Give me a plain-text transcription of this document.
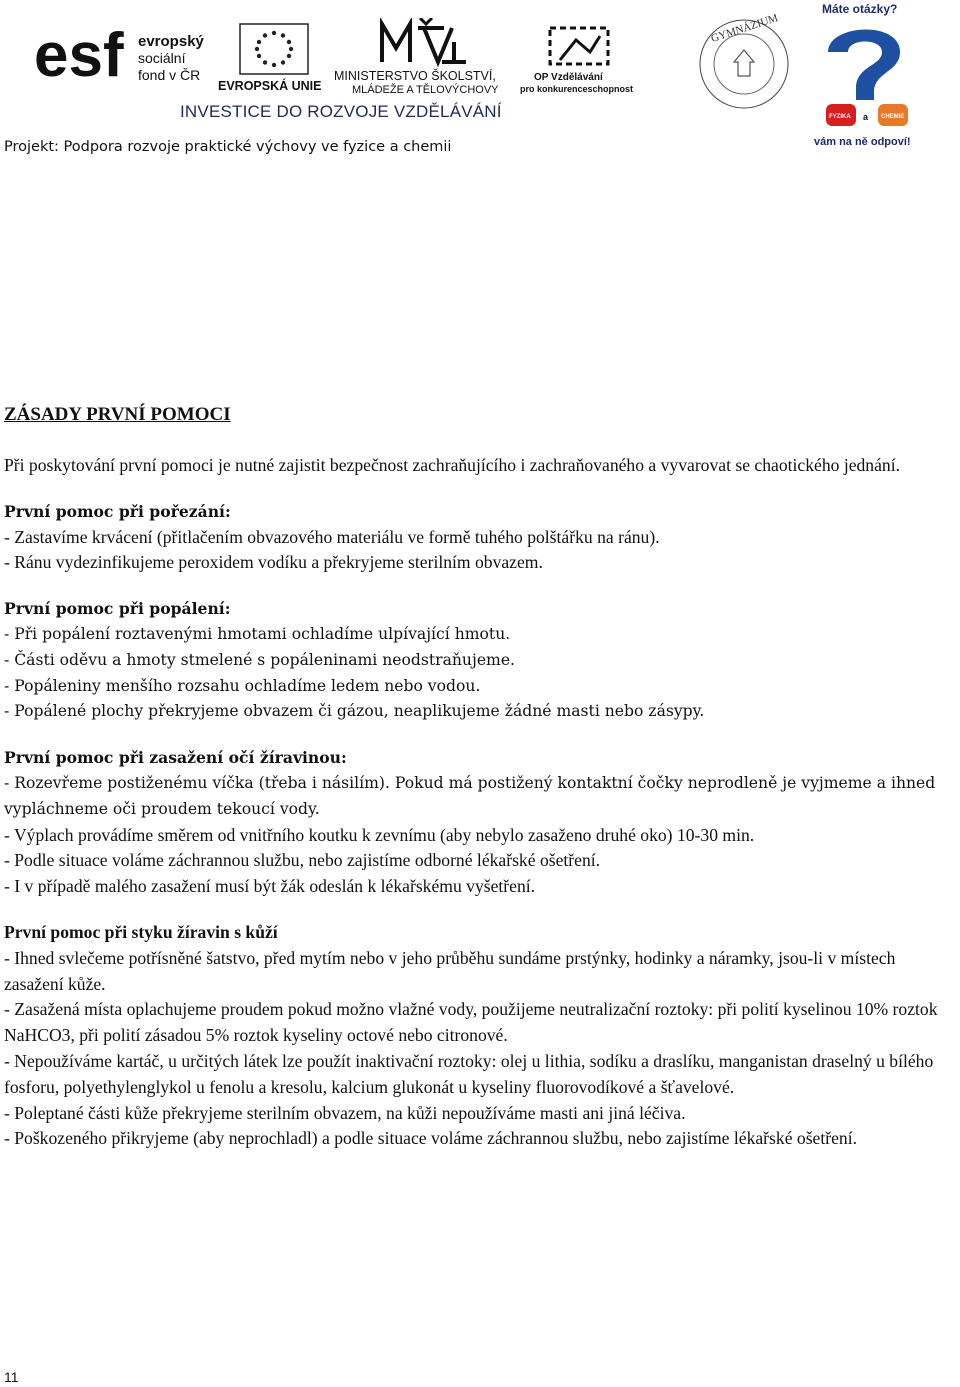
esf evropský
sociální
fond v ČR
EVROPSKÁ UNIE
MINISTERSTVO ŠKOLSTVÍ,
MLÁDEŽE A TĚLOVÝCHOVY
OP Vzdělávání
pro konkurenceschopnost
GYMNÁZIUM
Máte otázky?
FYZIKA a CHEMIE
vám na ně odpoví!
INVESTICE DO ROZVOJE VZDĚLÁVÁNÍ
Projekt: Podpora rozvoje praktické výchovy ve fyzice a chemii
ZÁSADY PRVNÍ POMOCI

Při poskytování první pomoci je nutné zajistit bezpečnost zachraňujícího i zachraňovaného a vyvarovat se chaotického jednání.

První pomoc při pořezání:

- Zastavíme krvácení (přitlačením obvazového materiálu ve formě tuhého polštářku na ránu).

- Ránu vydezinfikujeme peroxidem vodíku a překryjeme sterilním obvazem.

První pomoc při popálení:

- Při popálení roztavenými hmotami ochladíme ulpívající hmotu.

- Části oděvu a hmoty stmelené s popáleninami neodstraňujeme.

- Popáleniny menšího rozsahu ochladíme ledem nebo vodou.

- Popálené plochy překryjeme obvazem či gázou, neaplikujeme žádné masti nebo zásypy.

První pomoc při zasažení očí žíravinou:

- Rozevřeme postiženému víčka (třeba i násilím). Pokud má postižený kontaktní čočky neprodleně je vyjmeme a ihned vypláchneme oči proudem tekoucí vody.

- Výplach provádíme směrem od vnitřního koutku k zevnímu (aby nebylo zasaženo druhé oko) 10-30 min.

- Podle situace voláme záchrannou službu, nebo zajistíme odborné lékařské ošetření.

- I v případě malého zasažení musí být žák odeslán k lékařskému vyšetření.

První pomoc při styku žíravin s kůží

- Ihned svlečeme potřísněné šatstvo, před mytím nebo v jeho průběhu sundáme prstýnky, hodinky a náramky, jsou-li v místech zasažení kůže.

- Zasažená místa oplachujeme proudem pokud možno vlažné vody, použijeme neutralizační roztoky: při polití kyselinou 10% roztok NaHCO3, při polití zásadou 5% roztok kyseliny octové nebo citronové.

- Nepoužíváme kartáč, u určitých látek lze použít inaktivační roztoky: olej u lithia, sodíku a draslíku, manganistan draselný u bílého fosforu, polyethylenglykol u fenolu a kresolu, kalcium glukonát u kyseliny fluorovodíkové a šťavelové.

- Poleptané části kůže překryjeme sterilním obvazem, na kůži nepoužíváme masti ani jiná léčiva.

- Poškozeného přikryjeme (aby neprochladl) a podle situace voláme záchrannou službu, nebo zajistíme lékařské ošetření.

11
